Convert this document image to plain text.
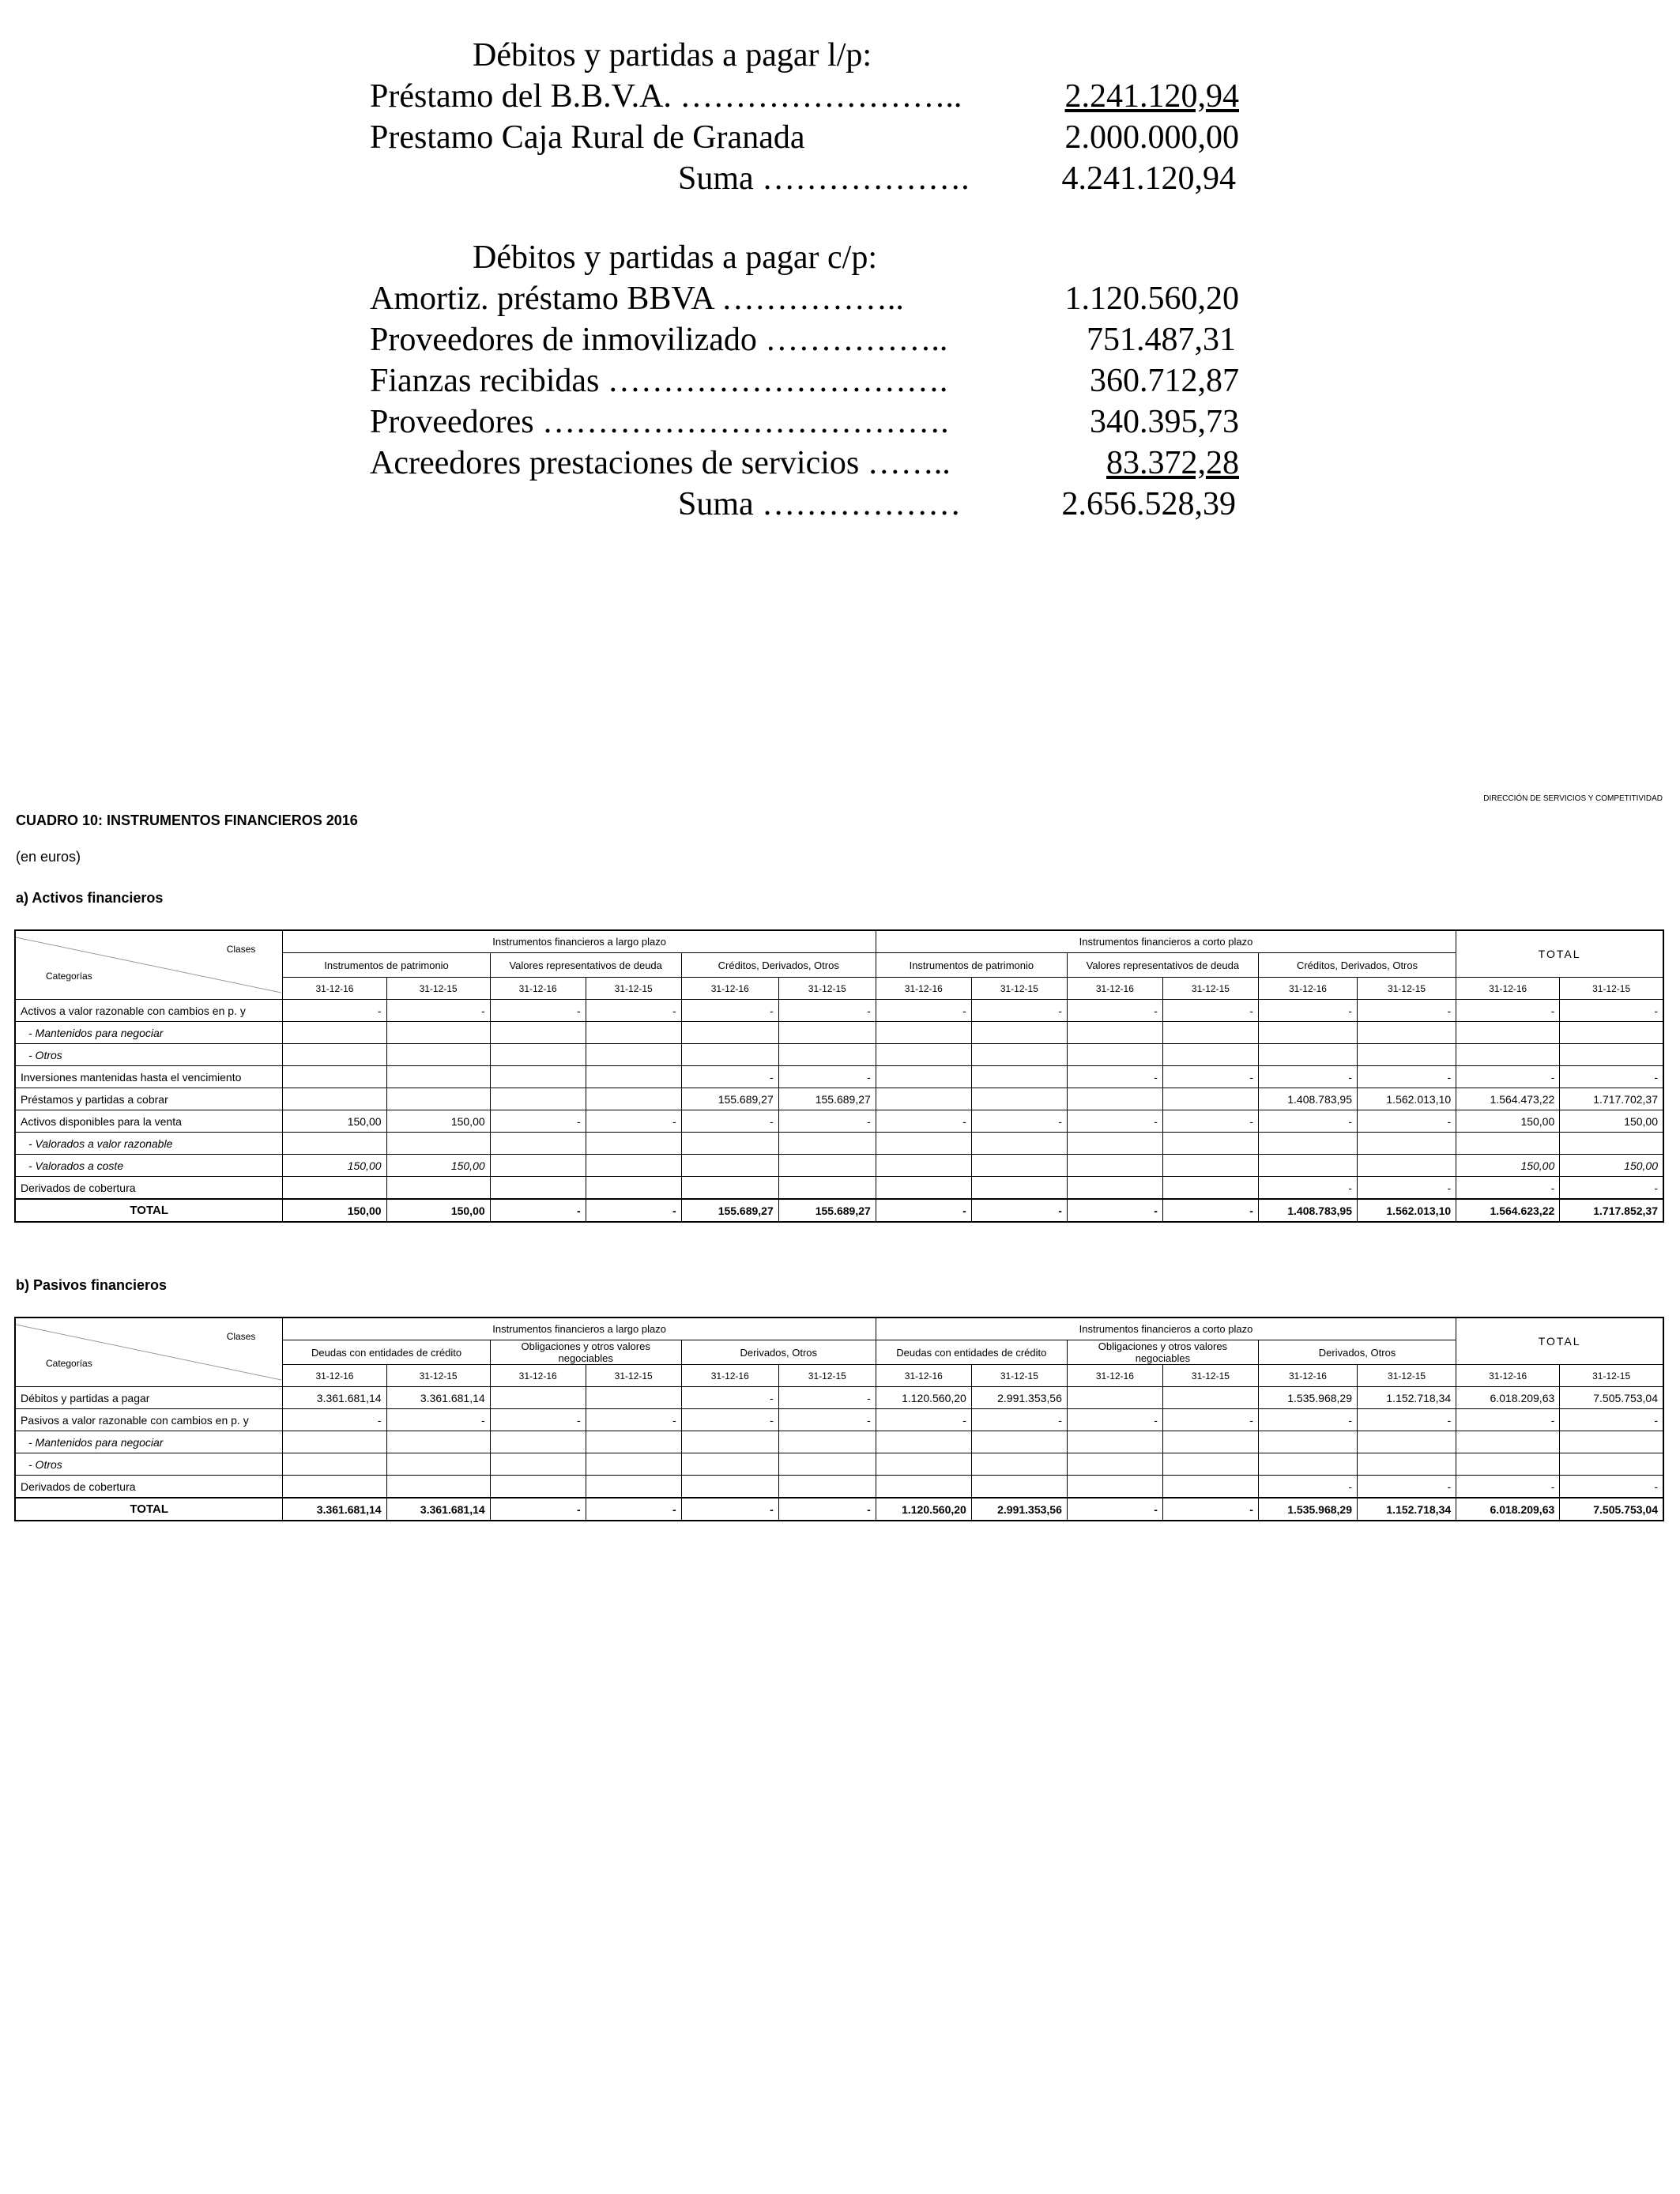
Débitos y partidas a pagar l/p:
Préstamo del B.B.V.A. ……………………..	2.241.120,94
Prestamo Caja Rural de Granada	2.000.000,00
Suma ……………….	4.241.120,94
Débitos y partidas a pagar c/p:
Amortiz. préstamo BBVA ……………..	1.120.560,20
Proveedores de inmovilizado ……………..	751.487,31
Fianzas recibidas ………………………….	360.712,87
Proveedores ……………………………….	340.395,73
Acreedores prestaciones de servicios ……..	83.372,28
Suma ………………	2.656.528,39
DIRECCIÓN DE SERVICIOS Y COMPETITIVIDAD
CUADRO 10: INSTRUMENTOS FINANCIEROS 2016
(en euros)
a) Activos financieros
Clases
Categorías	Instrumentos financieros a largo plazo						Instrumentos financieros a corto plazo						TOTAL	
	Instrumentos de patrimonio		Valores representativos de deuda		Créditos, Derivados, Otros		Instrumentos de patrimonio		Valores representativos de deuda		Créditos, Derivados, Otros			
	31-12-16	31-12-15	31-12-16	31-12-15	31-12-16	31-12-15	31-12-16	31-12-15	31-12-16	31-12-15	31-12-16	31-12-15	31-12-16	31-12-15
Activos a valor razonable con cambios en p. y	-	-	-	-	-	-	-	-	-	-	-	-	-	-
- Mantenidos para negociar														
- Otros														
Inversiones mantenidas hasta el vencimiento					-	-			-	-	-	-	-	-
Préstamos y partidas a cobrar					155.689,27	155.689,27					1.408.783,95	1.562.013,10	1.564.473,22	1.717.702,37
Activos disponibles para la venta	150,00	150,00	-	-	-	-	-	-	-	-	-	-	150,00	150,00
- Valorados a valor razonable														
- Valorados a coste	150,00	150,00											150,00	150,00
Derivados de cobertura											-	-	-	-
TOTAL	150,00	150,00	-	-	155.689,27	155.689,27	-	-	-	-	1.408.783,95	1.562.013,10	1.564.623,22	1.717.852,37
b) Pasivos financieros
Clases
Categorías	Instrumentos financieros a largo plazo						Instrumentos financieros a corto plazo						TOTAL	
	Deudas con entidades de crédito		Obligaciones y otros valores negociables		Derivados, Otros		Deudas con entidades de crédito		Obligaciones y otros valores negociables		Derivados, Otros			
	31-12-16	31-12-15	31-12-16	31-12-15	31-12-16	31-12-15	31-12-16	31-12-15	31-12-16	31-12-15	31-12-16	31-12-15	31-12-16	31-12-15
Débitos y partidas a pagar	3.361.681,14	3.361.681,14			-	-	1.120.560,20	2.991.353,56			1.535.968,29	1.152.718,34	6.018.209,63	7.505.753,04
Pasivos a valor razonable con cambios en p. y	-	-	-	-	-	-	-	-	-	-	-	-	-	-
- Mantenidos para negociar														
- Otros														
Derivados de cobertura											-	-	-	-
TOTAL	3.361.681,14	3.361.681,14	-	-	-	-	1.120.560,20	2.991.353,56	-	-	1.535.968,29	1.152.718,34	6.018.209,63	7.505.753,04
